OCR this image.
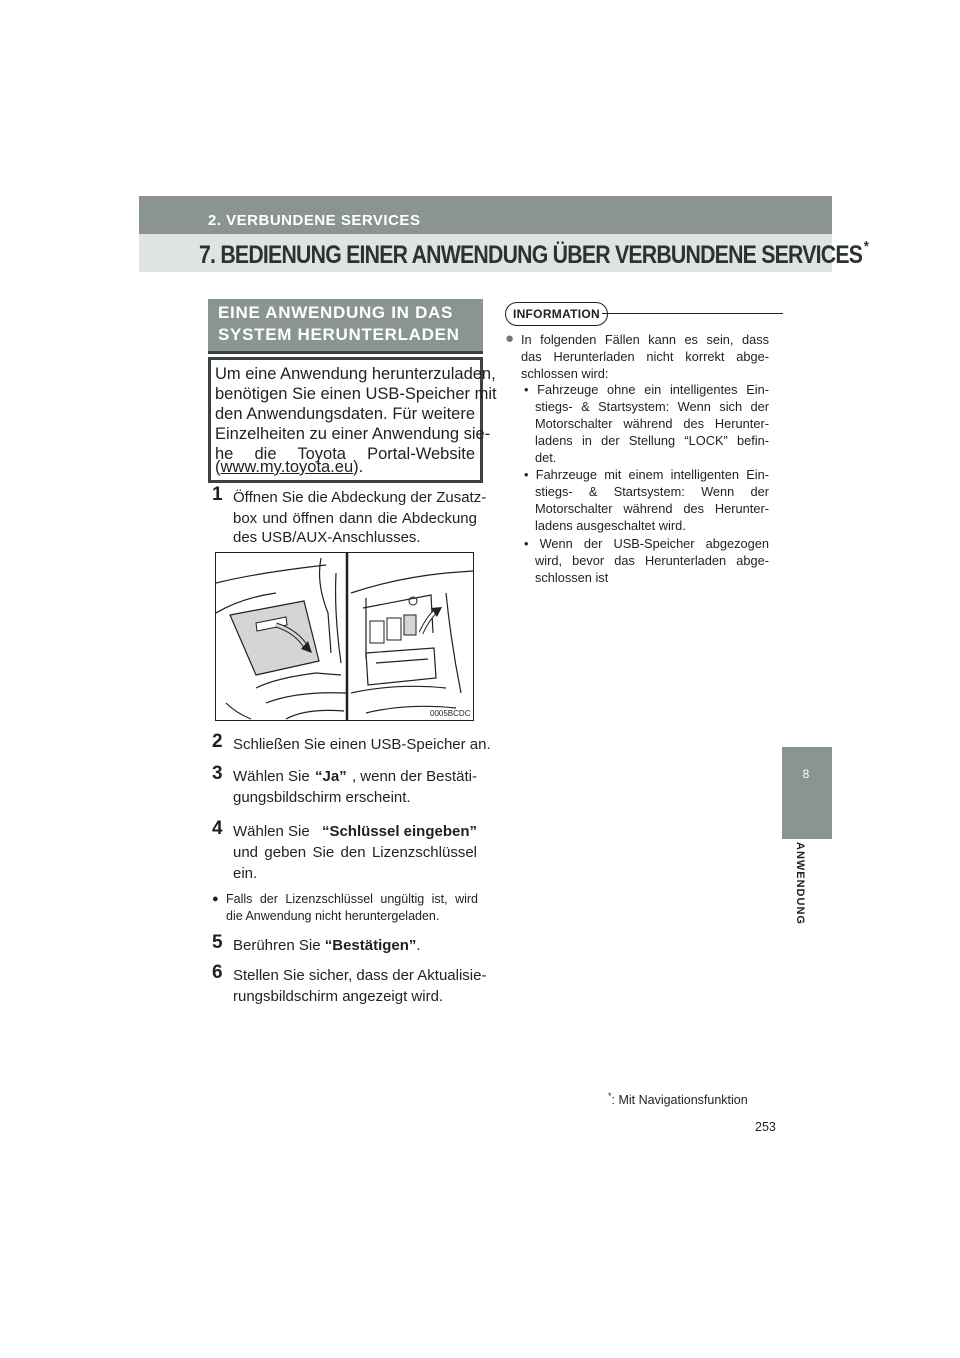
2. VERBUNDENE SERVICES
7. BEDIENUNG EINER ANWENDUNG ÜBER VERBUNDENE SERVICES *
8
ANWENDUNG
EINE ANWENDUNG IN DAS
SYSTEM HERUNTERLADEN
Um eine Anwendung herunterzuladen,
benötigen Sie einen USB-Speicher mit
den Anwendungsdaten. Für weitere
Einzelheiten zu einer Anwendung sie-
he die Toyota Portal-Website
(www.my.toyota.eu).
1 Öffnen Sie die Abdeckung der Zusatz-
box und öffnen dann die Abdeckung
des USB/AUX-Anschlusses.
0005BCDC
2 Schließen Sie einen USB-Speicher an.
3 Wählen Sie “Ja” , wenn der Bestäti-
gungsbildschirm erscheint.
4 Wählen Sie “Schlüssel eingeben”
und geben Sie den Lizenzschlüssel
ein.
● Falls der Lizenzschlüssel ungültig ist, wird
die Anwendung nicht heruntergeladen.
5 Berühren Sie “Bestätigen”.
6 Stellen Sie sicher, dass der Aktualisie-
rungsbildschirm angezeigt wird.
INFORMATION
● In folgenden Fällen kann es sein, dass
das Herunterladen nicht korrekt abge-
schlossen wird:
• Fahrzeuge ohne ein intelligentes Ein-
stiegs- & Startsystem: Wenn sich der
Motorschalter während des Herunter-
ladens in der Stellung “LOCK” befin-
det.
• Fahrzeuge mit einem intelligenten Ein-
stiegs- & Startsystem: Wenn der
Motorschalter während des Herunter-
ladens ausgeschaltet wird.
• Wenn der USB-Speicher abgezogen
wird, bevor das Herunterladen abge-
schlossen ist
*: Mit Navigationsfunktion
253
